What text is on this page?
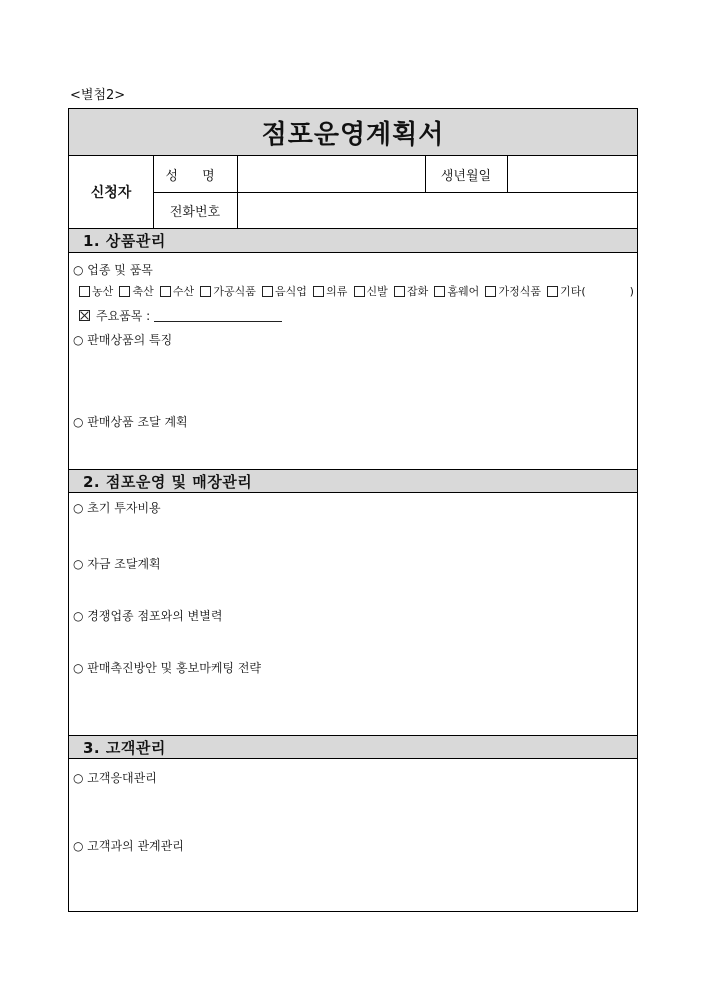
<별첨2>
점포운영계획서
신청자
성 명	생년월일
전화번호
1. 상품관리
○ 업종 및 품목
농산 축산 수산 가공식품 음식업 의류 신발 잡화 홈웨어 가정식품 기타(	)
주요품목 :
○ 판매상품의 특징
○ 판매상품 조달 계획
2. 점포운영 및 매장관리
○ 초기 투자비용
○ 자금 조달계획
○ 경쟁업종 점포와의 변별력
○ 판매촉진방안 및 홍보마케팅 전략
3. 고객관리
○ 고객응대관리
○ 고객과의 관계관리
